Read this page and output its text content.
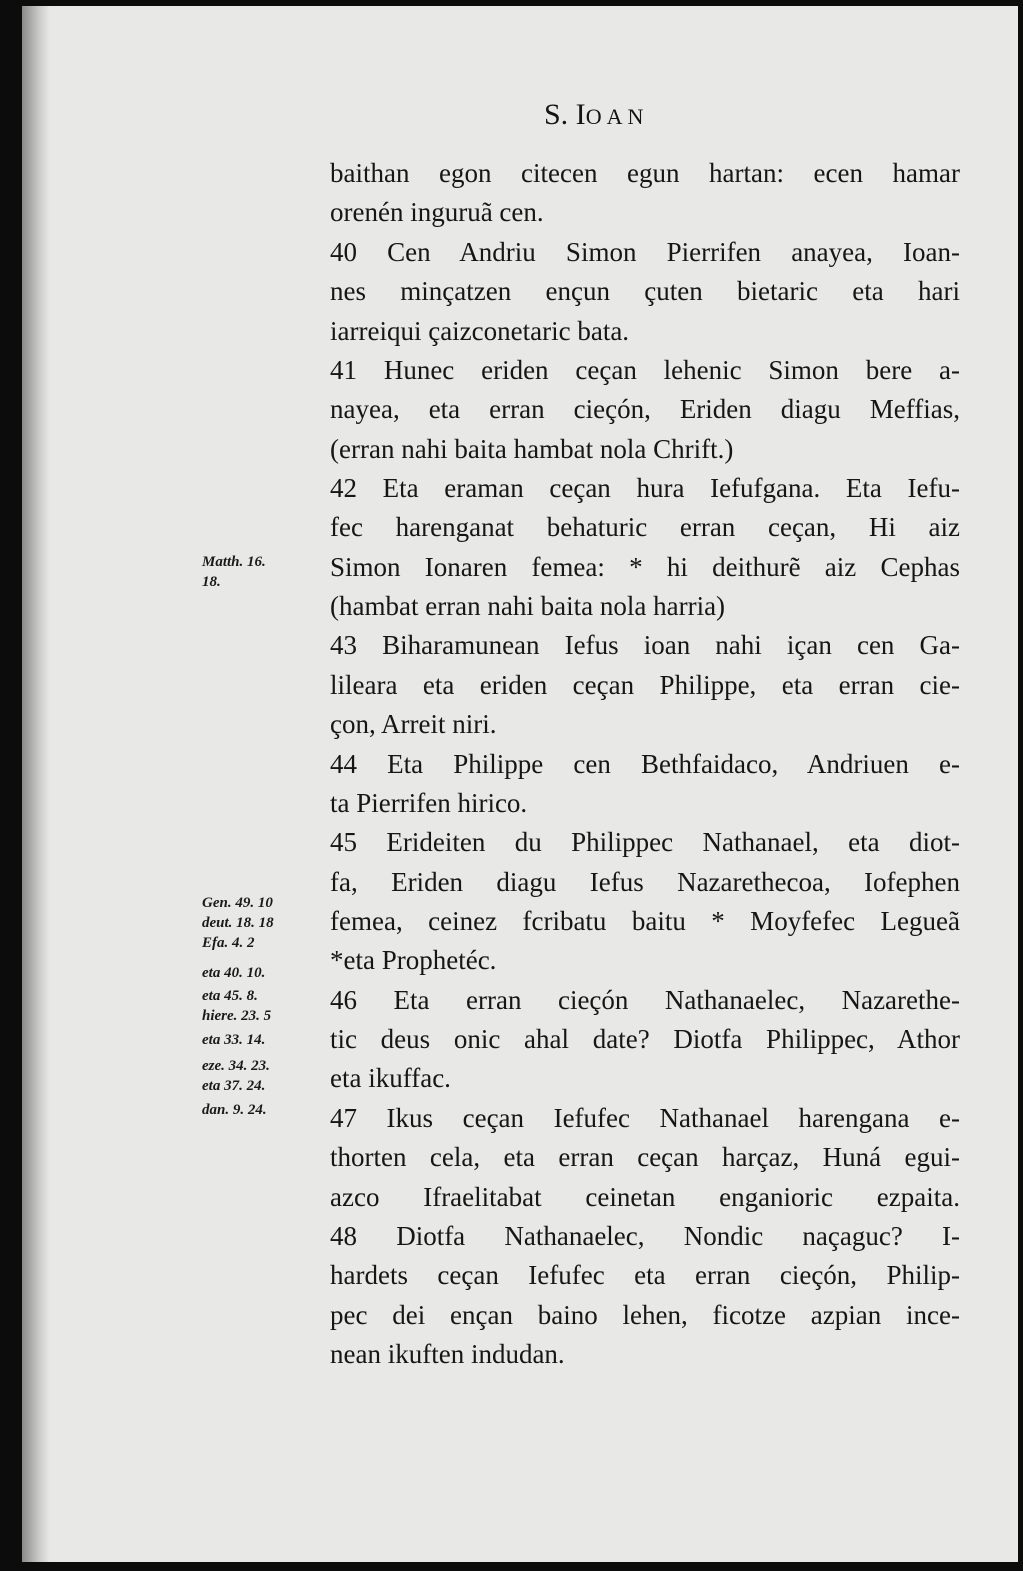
S. IOAN
baithan egon citecen egun hartan: ecen hamar
orenén inguruã cen.
40 Cen Andriu Simon Pierrifen anayea, Ioan-
nes minçatzen ençun çuten bietaric eta hari
iarreiqui çaizconetaric bata.
41 Hunec eriden ceçan lehenic Simon bere a-
nayea, eta erran cieçón, Eriden diagu Meffias,
(erran nahi baita hambat nola Chrift.)
42 Eta eraman ceçan hura Iefufgana. Eta Iefu-
fec harenganat behaturic erran ceçan, Hi aiz
Simon Ionaren femea: * hi deithurẽ aiz Cephas
(hambat erran nahi baita nola harria)
43 Biharamunean Iefus ioan nahi içan cen Ga-
lileara eta eriden ceçan Philippe, eta erran cie-
çon, Arreit niri.
44 Eta Philippe cen Bethfaidaco, Andriuen e-
ta Pierrifen hirico.
45 Erideiten du Philippec Nathanael, eta diot-
fa, Eriden diagu Iefus Nazarethecoa, Iofephen
femea, ceinez fcribatu baitu * Moyfefec Legueã
*eta Prophetéc.
46 Eta erran cieçón Nathanaelec, Nazarethe-
tic deus onic ahal date? Diotfa Philippec, Athor
eta ikuffac.
47 Ikus ceçan Iefufec Nathanael harengana e-
thorten cela, eta erran ceçan harçaz, Huná egui-
azco Ifraelitabat ceinetan enganioric ezpaita.
48 Diotfa Nathanaelec, Nondic naçaguc? I-
hardets ceçan Iefufec eta erran cieçón, Philip-
pec dei ençan baino lehen, ficotze azpian ince-
nean ikuften indudan.
Matth. 16.
18.
Gen. 49. 10
deut. 18. 18
Efa. 4. 2
eta 40. 10.
eta 45. 8.
hiere. 23. 5
eta 33. 14.
eze. 34. 23.
eta 37. 24.
dan. 9. 24.
